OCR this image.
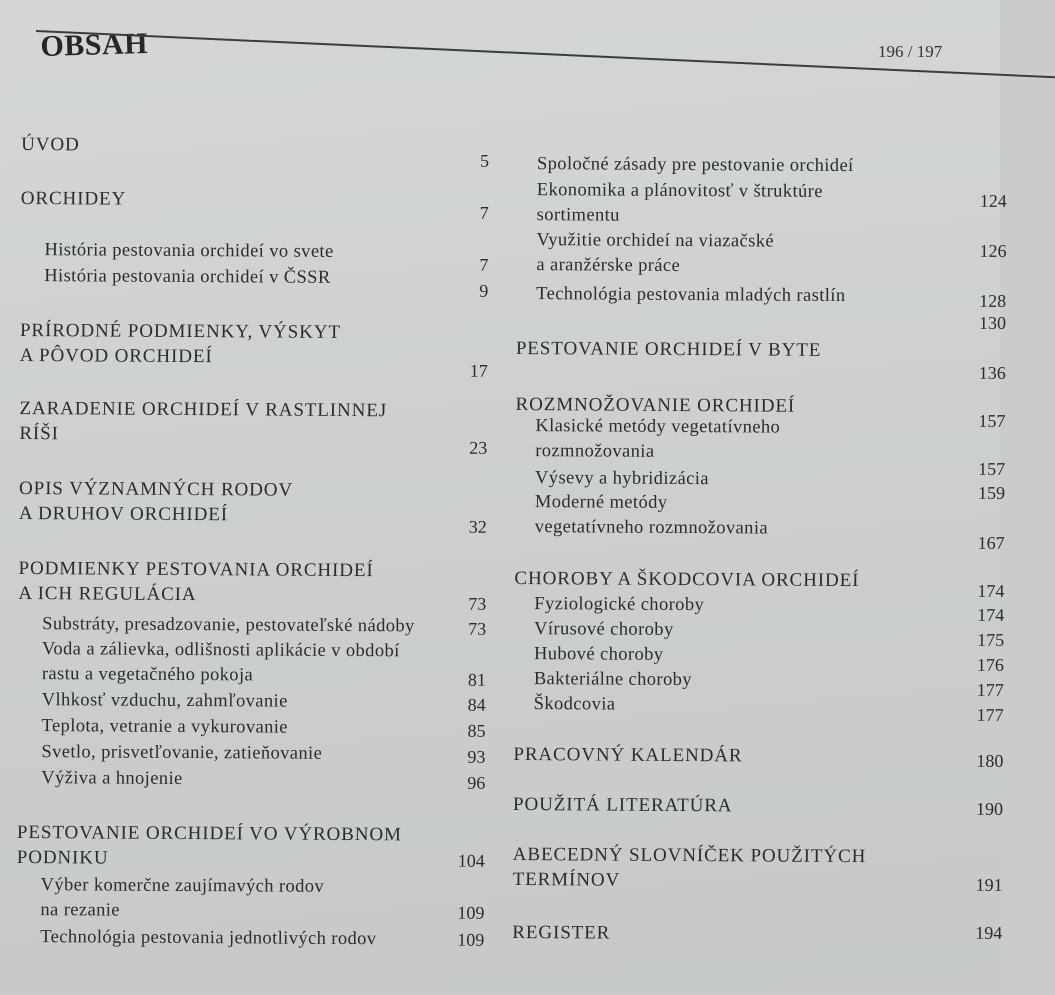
OBSAH	196 / 197
ÚVOD
5
ORCHIDEY
7
História pestovania orchideí vo svete
7
História pestovania orchideí v ČSSR
9
PRÍRODNÉ PODMIENKY, VÝSKYT
A PÔVOD ORCHIDEÍ
17
ZARADENIE ORCHIDEÍ V RASTLINNEJ
RÍŠI
23
OPIS VÝZNAMNÝCH RODOV
A DRUHOV ORCHIDEÍ
32
PODMIENKY PESTOVANIA ORCHIDEÍ
A ICH REGULÁCIA	73
Substráty, presadzovanie, pestovateľské nádoby	73
Voda a zálievka, odlišnosti aplikácie v období
rastu a vegetačného pokoja	81
Vlhkosť vzduchu, zahmľovanie	84
Teplota, vetranie a vykurovanie	85
Svetlo, prisvetľovanie, zatieňovanie	93
Výživa a hnojenie	96
PESTOVANIE ORCHIDEÍ VO VÝROBNOM
PODNIKU	104
Výber komerčne zaujímavých rodov
na rezanie	109
Technológia pestovania jednotlivých rodov	109
Spoločné zásady pre pestovanie orchideí
124
Ekonomika a plánovitosť v štruktúre
sortimentu
126
Využitie orchideí na viazačské
a aranžérske práce
128
Technológia pestovania mladých rastlín
130
PESTOVANIE ORCHIDEÍ V BYTE
136
ROZMNOŽOVANIE ORCHIDEÍ
157
Klasické metódy vegetatívneho
rozmnožovania
157
Výsevy a hybridizácia
159
Moderné metódy
vegetatívneho rozmnožovania
167
CHOROBY A ŠKODCOVIA ORCHIDEÍ	174
Fyziologické choroby	174
Vírusové choroby	175
Hubové choroby	176
Bakteriálne choroby	177
Škodcovia
177
PRACOVNÝ KALENDÁR	180
POUŽITÁ LITERATÚRA	190
ABECEDNÝ SLOVNÍČEK POUŽITÝCH
TERMÍNOV	191
REGISTER	194
